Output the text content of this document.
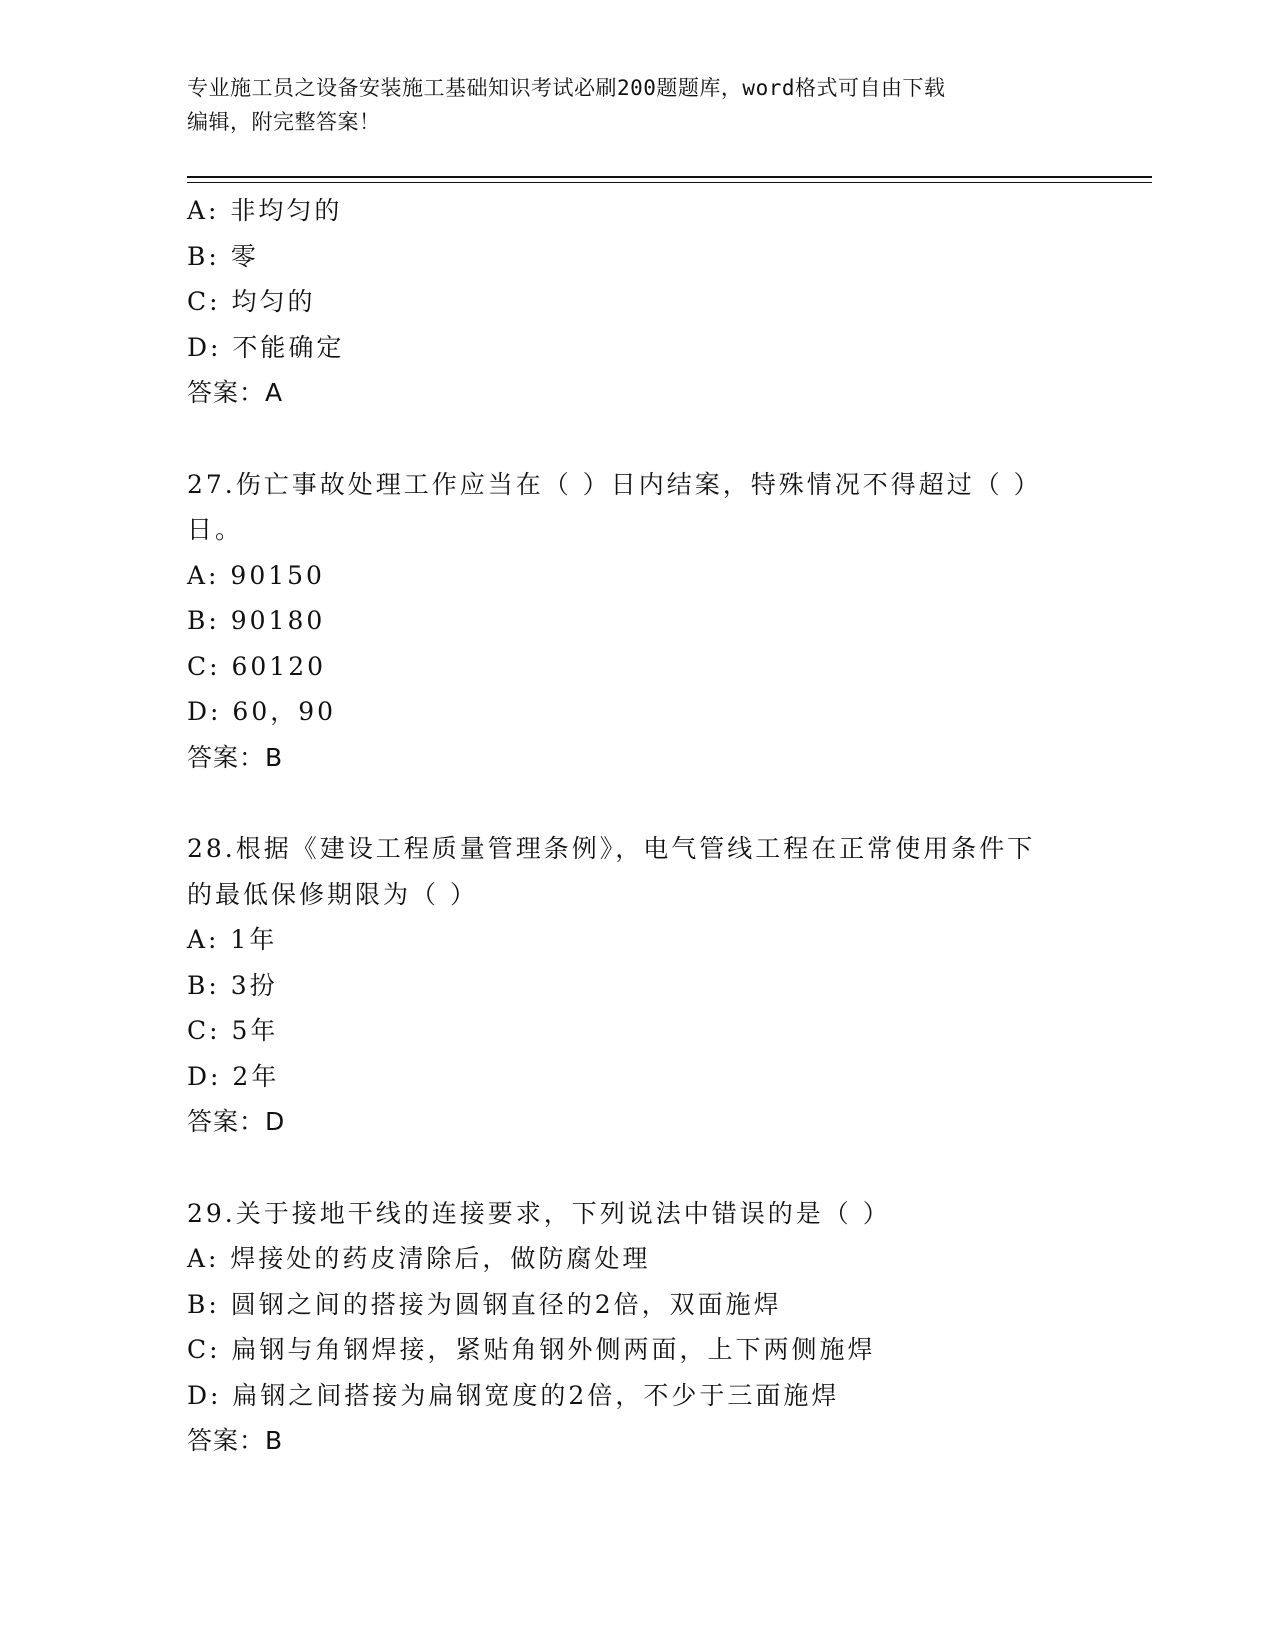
专业施工员之设备安装施工基础知识考试必刷200题题库，word格式可自由下载
编辑，附完整答案！
A: 非均匀的
B: 零
C: 均匀的
D: 不能确定
答案：A
27.伤亡事故处理工作应当在（ ）日内结案，特殊情况不得超过（ ）
日。
A: 90150
B: 90180
C: 60120
D: 60，90
答案：B
28.根据《建设工程质量管理条例》，电气管线工程在正常使用条件下
的最低保修期限为（ ）
A: 1年
B: 3扮
C: 5年
D: 2年
答案：D
29.关于接地干线的连接要求，下列说法中错误的是（ ）
A: 焊接处的药皮清除后，做防腐处理
B: 圆钢之间的搭接为圆钢直径的2倍，双面施焊
C: 扁钢与角钢焊接，紧贴角钢外侧两面，上下两侧施焊
D: 扁钢之间搭接为扁钢宽度的2倍，不少于三面施焊
答案：B
